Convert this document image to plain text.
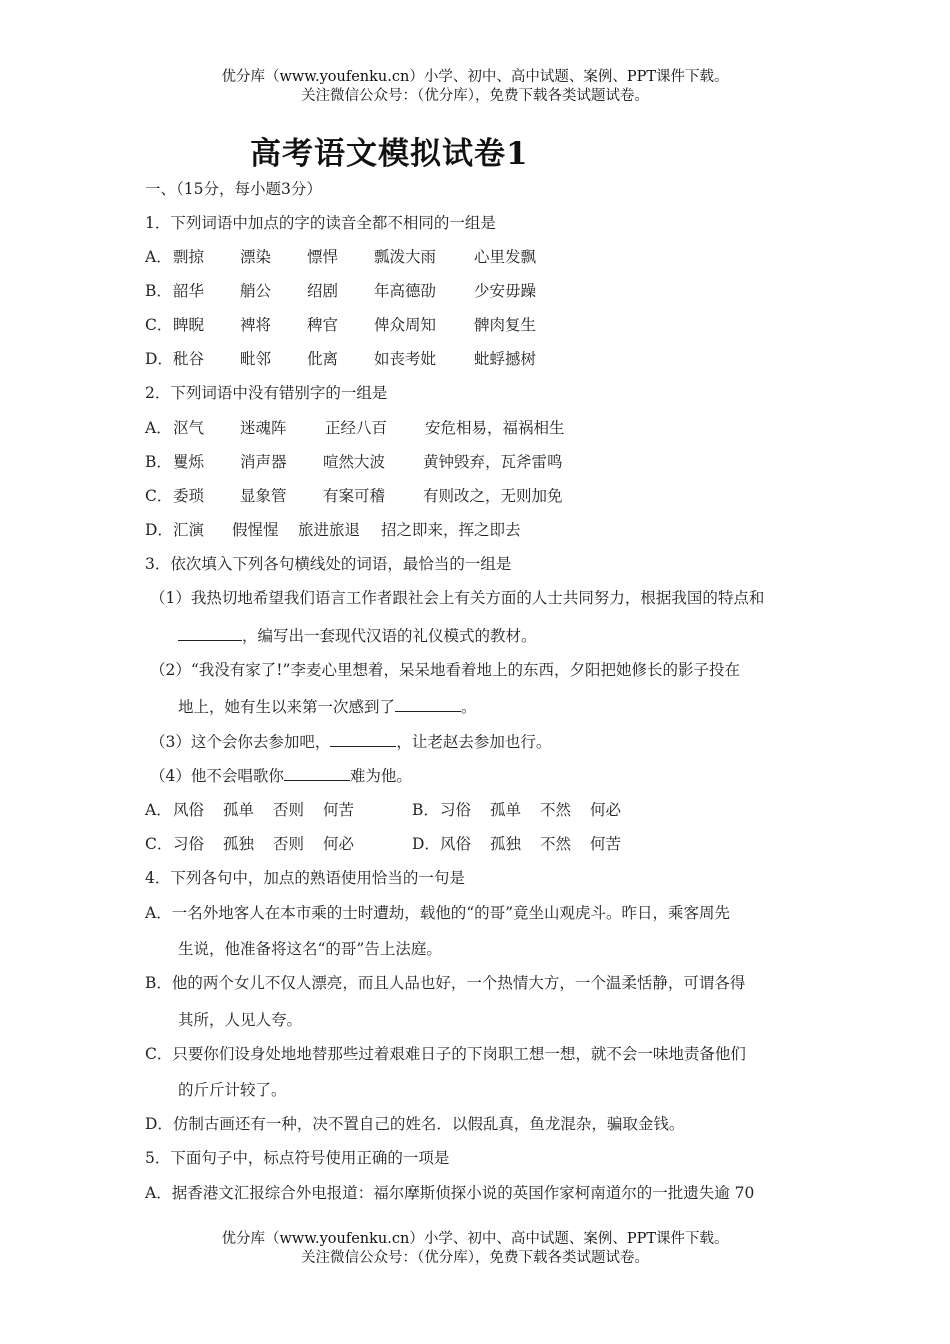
优分库（www.youfenku.cn）小学、初中、高中试题、案例、PPT课件下载。
关注微信公众号：（优分库），免费下载各类试题试卷。
高考语文模拟试卷1
一、（15分，每小题3分）
1．下列词语中加点的字的读音全都不相同的一组是
A．剽掠 漂染 慓悍 瓢泼大雨 心里发飘
B．韶华 艄公 绍剧 年高德劭 少安毋躁
C．睥睨 裨将 稗官 俾众周知 髀肉复生
D．秕谷 毗邻 仳离 如丧考妣 蚍蜉撼树
2．下列词语中没有错别字的一组是
A．沤气 迷魂阵 正经八百 安危相易，福祸相生
B．矍烁 消声器 喧然大波 黄钟毁弃，瓦斧雷鸣
C．委琐 显象管 有案可稽 有则改之，无则加免
D．汇演 假惺惺 旅进旅退 招之即来，挥之即去
3．依次填入下列各句横线处的词语，最恰当的一组是
（1）我热切地希望我们语言工作者跟社会上有关方面的人士共同努力，根据我国的特点和
，编写出一套现代汉语的礼仪模式的教材。
（2）“我没有家了!”李麦心里想着，呆呆地看着地上的东西，夕阳把她修长的影子投在
地上，她有生以来第一次感到了	。
（3）这个会你去参加吧，	，让老赵去参加也行。
（4）他不会唱歌你	难为他。
A．风俗 孤单 否则 何苦	B．习俗 孤单 不然 何必
C．习俗 孤独 否则 何必	D．风俗 孤独 不然 何苦
4．下列各句中，加点的熟语使用恰当的一句是
A．一名外地客人在本市乘的士时遭劫，载他的“的哥”竟坐山观虎斗。昨日，乘客周先
生说，他准备将这名“的哥”告上法庭。
B．他的两个女儿不仅人漂亮，而且人品也好，一个热情大方，一个温柔恬静，可谓各得
其所，人见人夸。
C．只要你们设身处地地替那些过着艰难日子的下岗职工想一想，就不会一味地责备他们
的斤斤计较了。
D．仿制古画还有一种，决不置自己的姓名．以假乱真，鱼龙混杂，骗取金钱。
5．下面句子中，标点符号使用正确的一项是
A．据香港文汇报综合外电报道：福尔摩斯侦探小说的英国作家柯南道尔的一批遗失逾 70
优分库（www.youfenku.cn）小学、初中、高中试题、案例、PPT课件下载。
关注微信公众号：（优分库），免费下载各类试题试卷。
